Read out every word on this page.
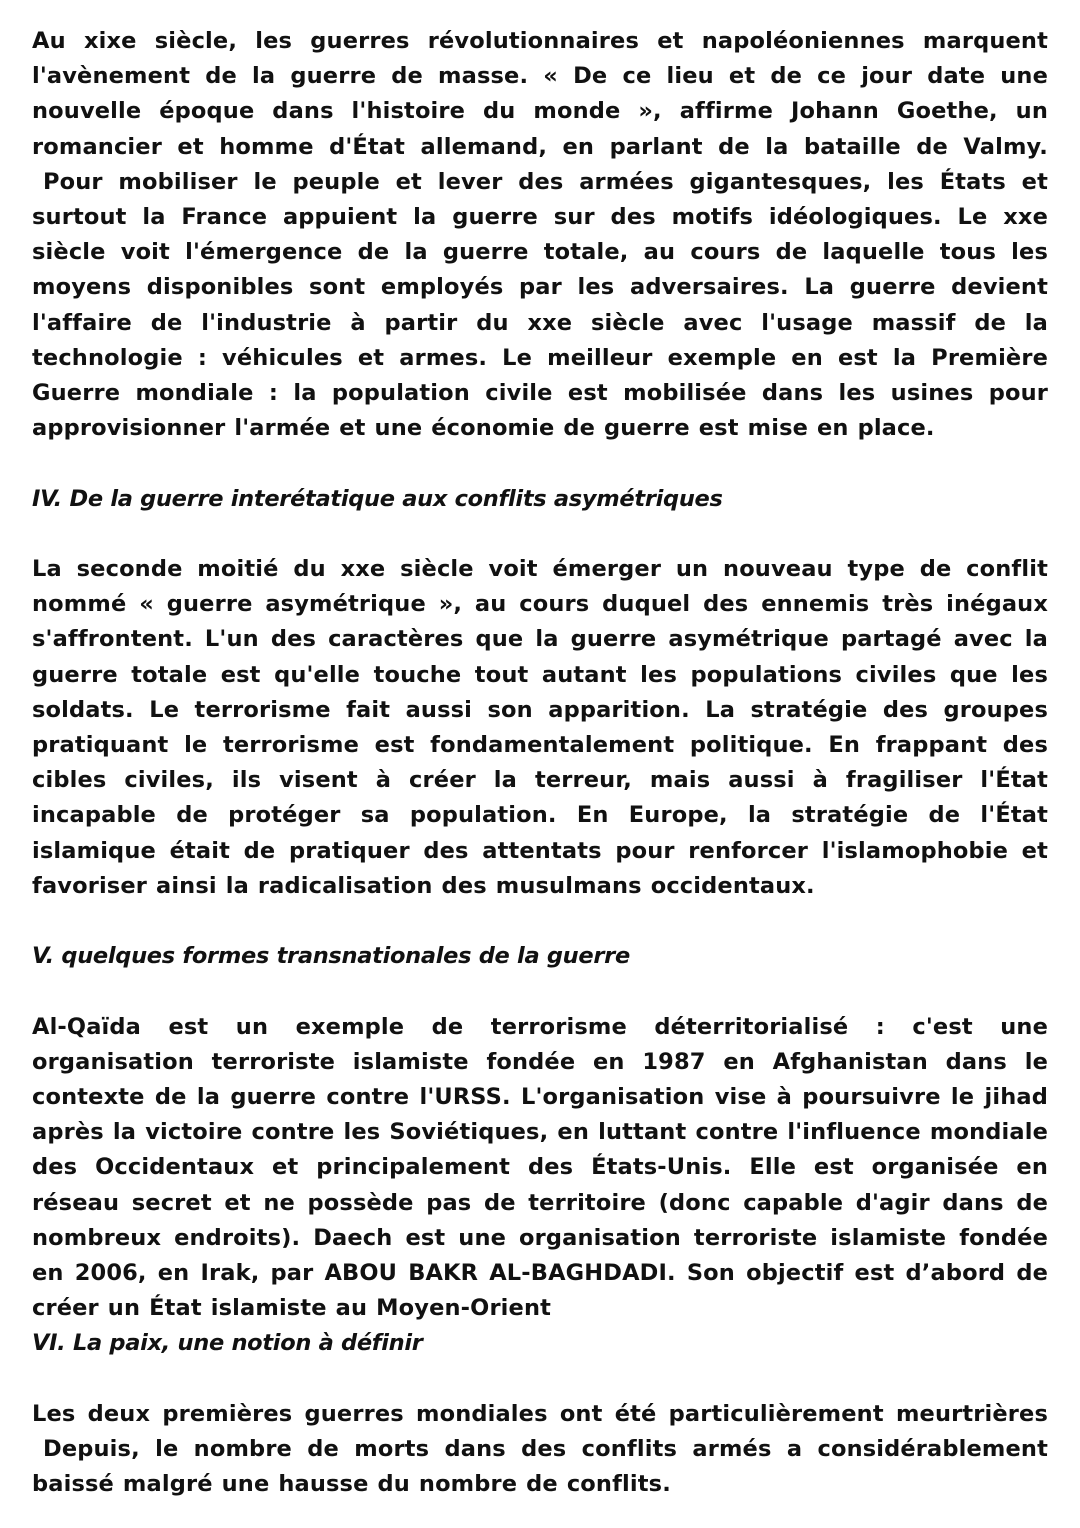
Au xixe siècle, les guerres révolutionnaires et napoléoniennes marquent l'avènement de la guerre de masse. « De ce lieu et de ce jour date une nouvelle époque dans l'histoire du monde », affirme Johann Goethe, un romancier et homme d'État allemand, en parlant de la bataille de Valmy. Pour mobiliser le peuple et lever des armées gigantesques, les États et surtout la France appuient la guerre sur des motifs idéologiques. Le xxe siècle voit l'émergence de la guerre totale, au cours de laquelle tous les moyens disponibles sont employés par les adversaires. La guerre devient l'affaire de l'industrie à partir du xxe siècle avec l'usage massif de la technologie : véhicules et armes. Le meilleur exemple en est la Première Guerre mondiale : la population civile est mobilisée dans les usines pour approvisionner l'armée et une économie de guerre est mise en place.

IV. De la guerre interétatique aux conflits asymétriques

La seconde moitié du xxe siècle voit émerger un nouveau type de conflit nommé « guerre asymétrique », au cours duquel des ennemis très inégaux s'affrontent. L'un des caractères que la guerre asymétrique partagé avec la guerre totale est qu'elle touche tout autant les populations civiles que les soldats. Le terrorisme fait aussi son apparition. La stratégie des groupes pratiquant le terrorisme est fondamentalement politique. En frappant des cibles civiles, ils visent à créer la terreur, mais aussi à fragiliser l'État incapable de protéger sa population. En Europe, la stratégie de l'État islamique était de pratiquer des attentats pour renforcer l'islamophobie et favoriser ainsi la radicalisation des musulmans occidentaux.

V. quelques formes transnationales de la guerre

Al-Qaïda est un exemple de terrorisme déterritorialisé : c'est une organisation terroriste islamiste fondée en 1987 en Afghanistan dans le contexte de la guerre contre l'URSS. L'organisation vise à poursuivre le jihad après la victoire contre les Soviétiques, en luttant contre l'influence mondiale des Occidentaux et principalement des États-Unis. Elle est organisée en réseau secret et ne possède pas de territoire (donc capable d'agir dans de nombreux endroits). Daech est une organisation terroriste islamiste fondée en 2006, en Irak, par ABOU BAKR AL-BAGHDADI. Son objectif est d’abord de créer un État islamiste au Moyen-Orient

VI. La paix, une notion à définir

Les deux premières guerres mondiales ont été particulièrement meurtrières Depuis, le nombre de morts dans des conflits armés a considérablement baissé malgré une hausse du nombre de conflits.
